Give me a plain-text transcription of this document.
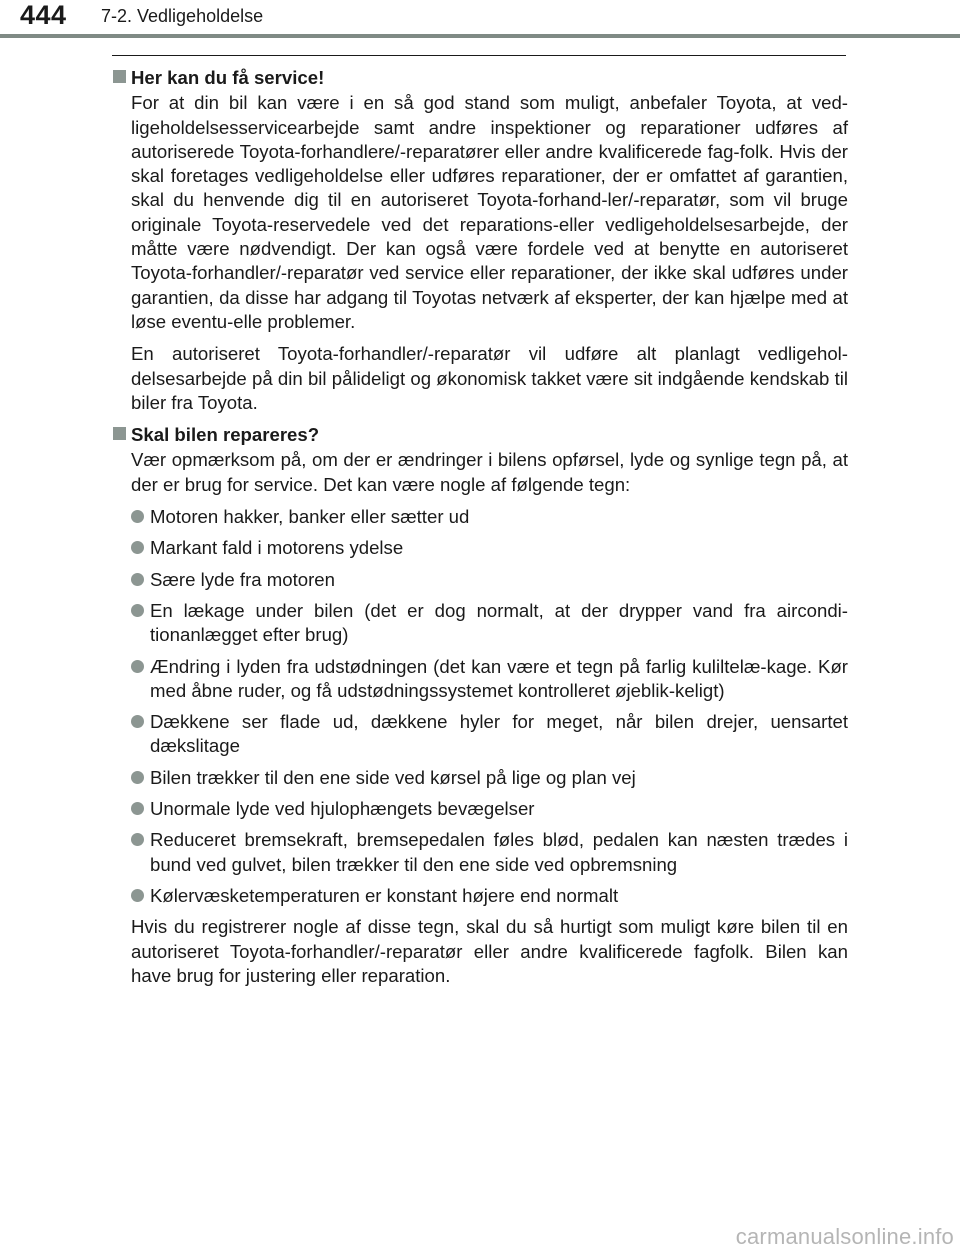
444 7-2. Vedligeholdelse
Her kan du få service!

For at din bil kan være i en så god stand som muligt, anbefaler Toyota, at ved-ligeholdelsesservicearbejde samt andre inspektioner og reparationer udføres af autoriserede Toyota-forhandlere/-reparatører eller andre kvalificerede fag-folk. Hvis der skal foretages vedligeholdelse eller udføres reparationer, der er omfattet af garantien, skal du henvende dig til en autoriseret Toyota-forhand-ler/-reparatør, som vil bruge originale Toyota-reservedele ved det reparations-eller vedligeholdelsesarbejde, der måtte være nødvendigt. Der kan også være fordele ved at benytte en autoriseret Toyota-forhandler/-reparatør ved service eller reparationer, der ikke skal udføres under garantien, da disse har adgang til Toyotas netværk af eksperter, der kan hjælpe med at løse eventu-elle problemer.

En autoriseret Toyota-forhandler/-reparatør vil udføre alt planlagt vedligehol-delsesarbejde på din bil pålideligt og økonomisk takket være sit indgående kendskab til biler fra Toyota.

Skal bilen repareres?

Vær opmærksom på, om der er ændringer i bilens opførsel, lyde og synlige tegn på, at der er brug for service. Det kan være nogle af følgende tegn:

Motoren hakker, banker eller sætter ud
Markant fald i motorens ydelse
Sære lyde fra motoren
En lækage under bilen (det er dog normalt, at der drypper vand fra aircondi-tionanlægget efter brug)
Ændring i lyden fra udstødningen (det kan være et tegn på farlig kuliltelæ-kage. Kør med åbne ruder, og få udstødningssystemet kontrolleret øjeblik-keligt)
Dækkene ser flade ud, dækkene hyler for meget, når bilen drejer, uensartet dækslitage
Bilen trækker til den ene side ved kørsel på lige og plan vej
Unormale lyde ved hjulophængets bevægelser
Reduceret bremsekraft, bremsepedalen føles blød, pedalen kan næsten trædes i bund ved gulvet, bilen trækker til den ene side ved opbremsning
Kølervæsketemperaturen er konstant højere end normalt

Hvis du registrerer nogle af disse tegn, skal du så hurtigt som muligt køre bilen til en autoriseret Toyota-forhandler/-reparatør eller andre kvalificerede fagfolk. Bilen kan have brug for justering eller reparation.

carmanualsonline.info
